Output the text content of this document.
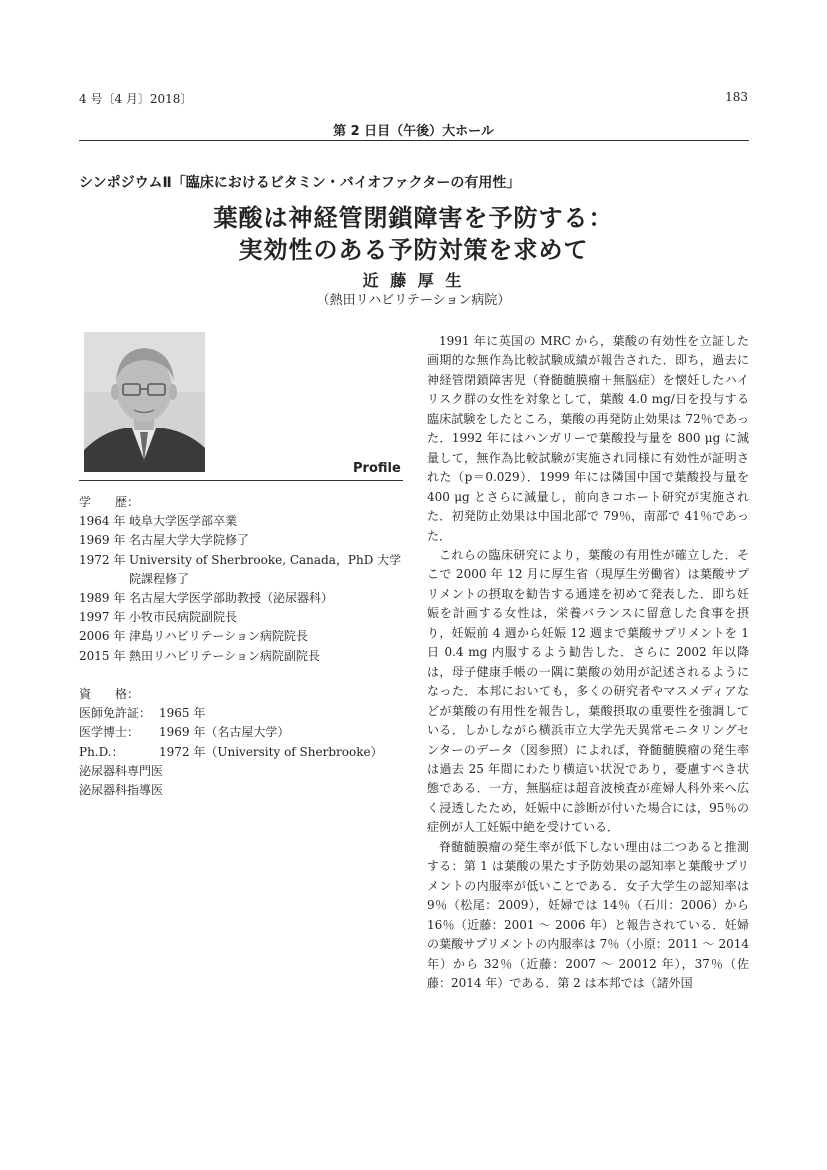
4 号〔4 月〕2018〕	183
第 2 日目（午後）大ホール
シンポジウムⅡ「臨床におけるビタミン・バイオファクターの有用性」
葉酸は神経管閉鎖障害を予防する：
実効性のある予防対策を求めて
近 藤 厚 生
（熱田リハビリテーション病院）
Profile
学　　歴：
1964 年 岐阜大学医学部卒業
1969 年 名古屋大学大学院修了
1972 年 University of Sherbrooke, Canada，PhD 大学院課程修了
1989 年 名古屋大学医学部助教授（泌尿器科）
1997 年 小牧市民病院副院長
2006 年 津島リハビリテーション病院院長
2015 年 熱田リハビリテーション病院副院長
資　　格：
医師免許証： 1965 年
医学博士：	1969 年（名古屋大学）
Ph.D.：	1972 年（University of Sherbrooke）
泌尿器科専門医
泌尿器科指導医

1991 年に英国の MRC から，葉酸の有効性を立証した画期的な無作為比較試験成績が報告された．即ち，過去に神経管閉鎖障害児（脊髄髄膜瘤＋無脳症）を懐妊したハイリスク群の女性を対象として，葉酸 4.0 mg/日を投与する臨床試験をしたところ，葉酸の再発防止効果は 72％であった．1992 年にはハンガリーで葉酸投与量を 800 μg に減量して，無作為比較試験が実施され同様に有効性が証明された（p＝0.029）．1999 年には隣国中国で葉酸投与量を 400 μg とさらに減量し，前向きコホート研究が実施された．初発防止効果は中国北部で 79％，南部で 41％であった．

これらの臨床研究により，葉酸の有用性が確立した．そこで 2000 年 12 月に厚生省（現厚生労働省）は葉酸サプリメントの摂取を勧告する通達を初めて発表した．即ち妊娠を計画する女性は，栄養バランスに留意した食事を摂り，妊娠前 4 週から妊娠 12 週まで葉酸サプリメントを 1 日 0.4 mg 内服するよう勧告した．さらに 2002 年以降は，母子健康手帳の一隅に葉酸の効用が記述されるようになった．本邦においても，多くの研究者やマスメディアなどが葉酸の有用性を報告し，葉酸摂取の重要性を強調している．しかしながら横浜市立大学先天異常モニタリングセンターのデータ（図参照）によれば，脊髄髄膜瘤の発生率は過去 25 年間にわたり横這い状況であり，憂慮すべき状態である．一方，無脳症は超音波検査が産婦人科外来へ広く浸透したため，妊娠中に診断が付いた場合には，95％の症例が人工妊娠中絶を受けている．

脊髄髄膜瘤の発生率が低下しない理由は二つあると推測する：第 1 は葉酸の果たす予防効果の認知率と葉酸サプリメントの内服率が低いことである．女子大学生の認知率は 9％（松尾：2009），妊婦では 14％（石川：2006）から 16％（近藤：2001 ～ 2006 年）と報告されている．妊婦の葉酸サプリメントの内服率は 7％（小原：2011 ～ 2014 年）から 32％（近藤：2007 ～ 20012 年），37％（佐藤：2014 年）である．第 2 は本邦では（諸外国
